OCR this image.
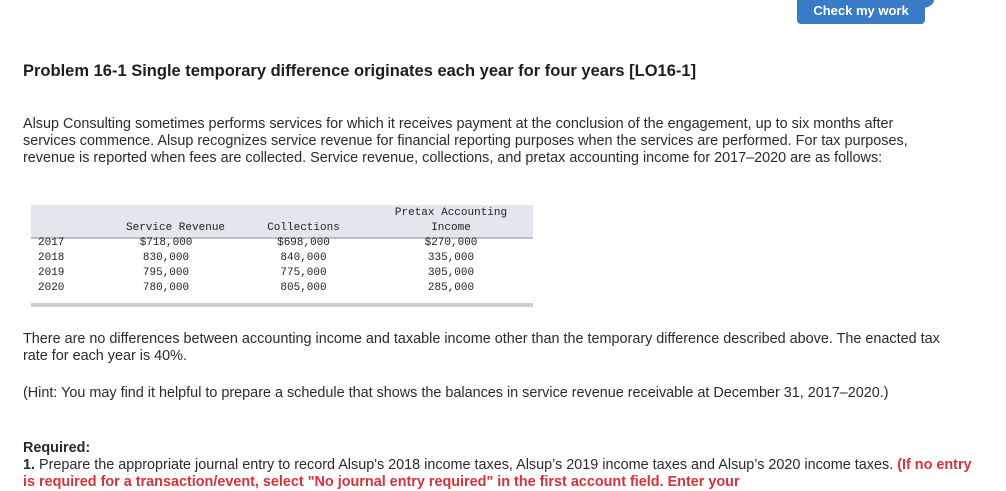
Check my work
Problem 16-1 Single temporary difference originates each year for four years [LO16-1]

Alsup Consulting sometimes performs services for which it receives payment at the conclusion of the engagement, up to six months after services commence. Alsup recognizes service revenue for financial reporting purposes when the services are performed. For tax purposes, revenue is reported when fees are collected. Service revenue, collections, and pretax accounting income for 2017–2020 are as follows:

Pretax Accounting
Service Revenue	Collections	Income
2017	$718,000	$698,000	$270,000
2018	830,000	840,000	335,000
2019	795,000	775,000	305,000
2020	780,000	805,000	285,000

There are no differences between accounting income and taxable income other than the temporary difference described above. The enacted tax rate for each year is 40%.

(Hint: You may find it helpful to prepare a schedule that shows the balances in service revenue receivable at December 31, 2017–2020.)

Required:

1. Prepare the appropriate journal entry to record Alsup's 2018 income taxes, Alsup’s 2019 income taxes and Alsup’s 2020 income taxes. (If no entry is required for a transaction/event, select "No journal entry required" in the first account field. Enter your
